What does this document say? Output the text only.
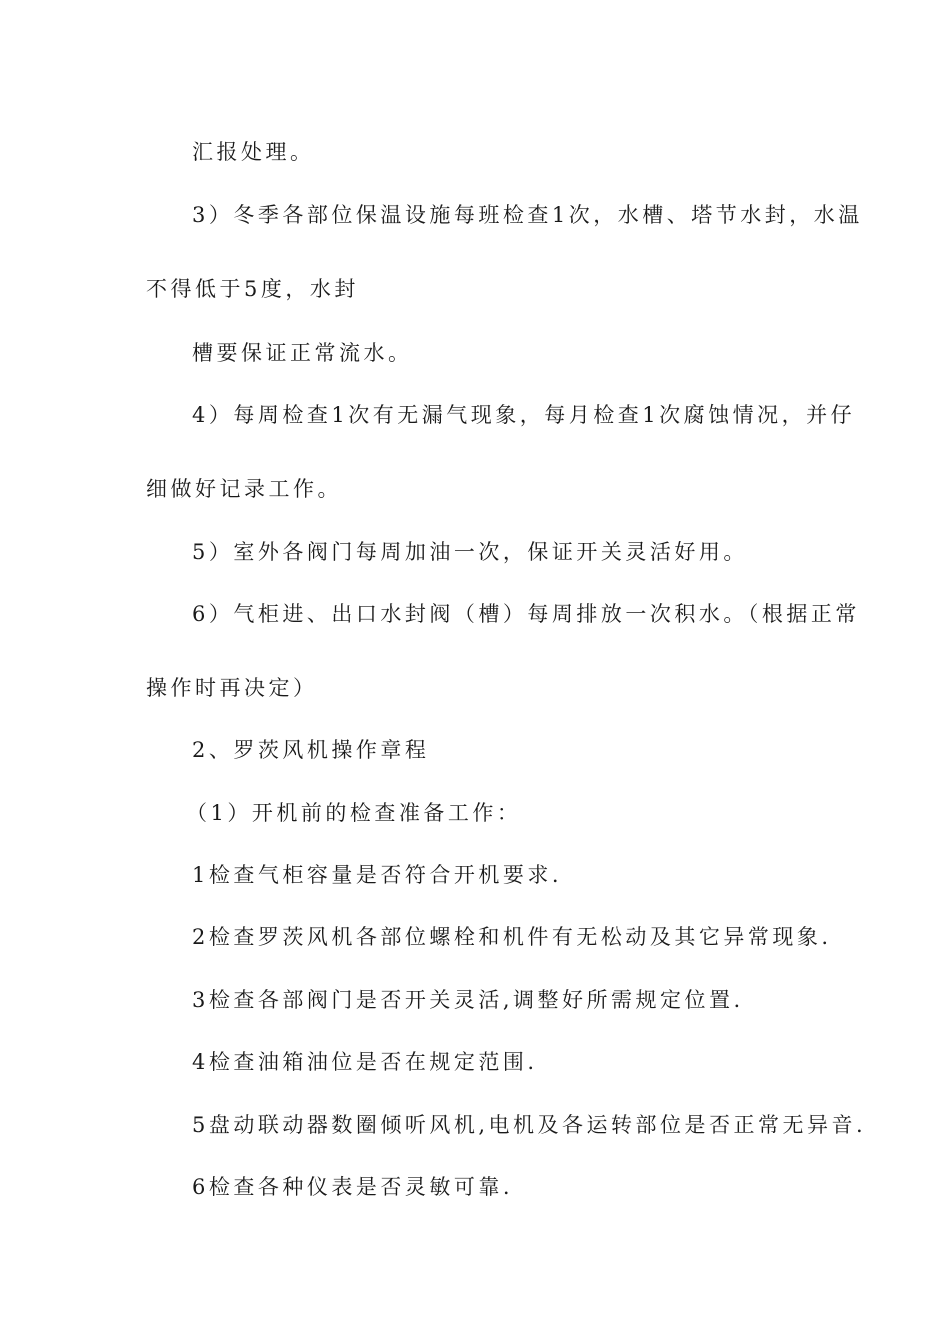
汇报处理。
3）冬季各部位保温设施每班检查1次，水槽、塔节水封，水温
不得低于5度，水封
槽要保证正常流水。
4）每周检查1次有无漏气现象，每月检查1次腐蚀情况，并仔
细做好记录工作。
5）室外各阀门每周加油一次，保证开关灵活好用。
6）气柜进、出口水封阀（槽）每周排放一次积水。（根据正常
操作时再决定）
2、罗茨风机操作章程
（1）开机前的检查准备工作：
1检查气柜容量是否符合开机要求.
2检查罗茨风机各部位螺栓和机件有无松动及其它异常现象.
3检查各部阀门是否开关灵活,调整好所需规定位置.
4检查油箱油位是否在规定范围.
5盘动联动器数圈倾听风机,电机及各运转部位是否正常无异音.
6检查各种仪表是否灵敏可靠.
